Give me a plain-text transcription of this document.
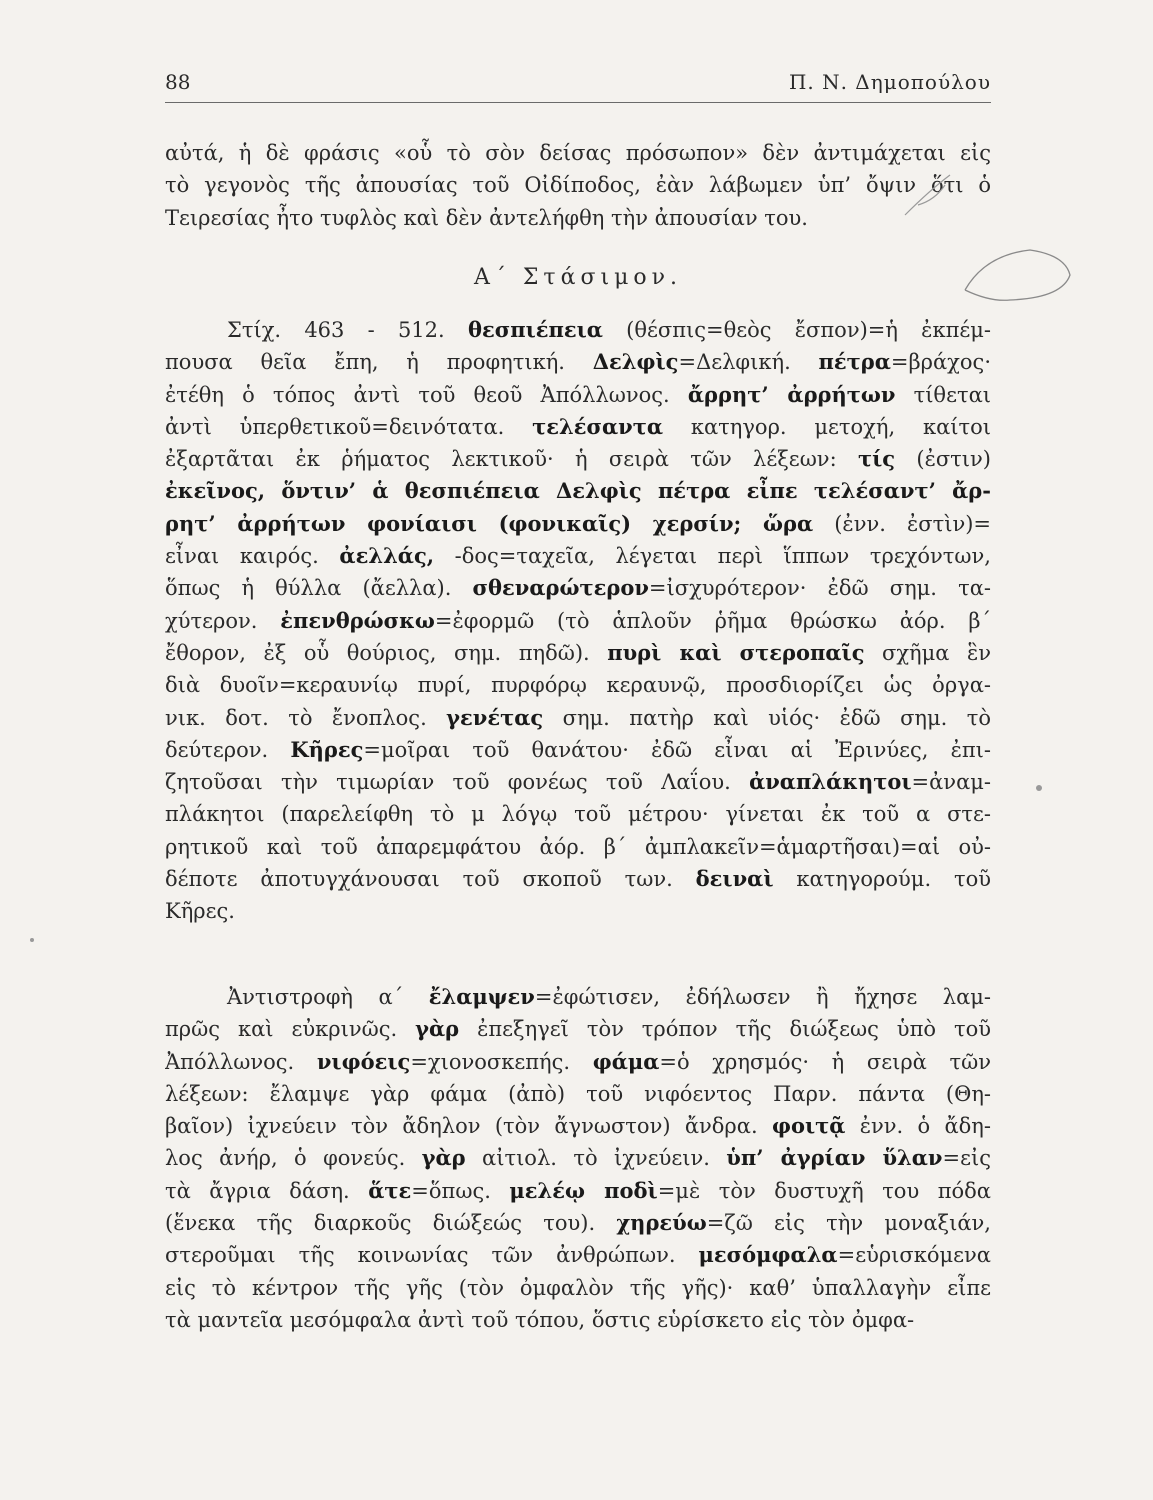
88	Π. Ν. Δημοπούλου
αὐτά, ἡ δὲ φράσις «οὗ τὸ σὸν δείσας πρόσωπον» δὲν ἀντιμάχεται εἰς
τὸ γεγονὸς τῆς ἀπουσίας τοῦ Οἰδίποδος, ἐὰν λάβωμεν ὑπ’ ὄψιν ὅτι ὁ
Τειρεσίας ἦτο τυφλὸς καὶ δὲν ἀντελήφθη τὴν ἀπουσίαν του.
Α΄ Στάσιμον.
Στίχ. 463 - 512. θεσπιέπεια (θέσπις=θεὸς ἔσπον)=ἡ ἐκπέμ-
πουσα θεῖα ἔπη, ἡ προφητική. Δελφὶς=Δελφική. πέτρα=βράχος·
ἐτέθη ὁ τόπος ἀντὶ τοῦ θεοῦ Ἀπόλλωνος. ἄρρητ’ ἀρρήτων τίθεται
ἀντὶ ὑπερθετικοῦ=δεινότατα. τελέσαντα κατηγορ. μετοχή, καίτοι
ἐξαρτᾶται ἐκ ῥήματος λεκτικοῦ· ἡ σειρὰ τῶν λέξεων: τίς (ἐστιν)
ἐκεῖνος, ὅντιν’ ἁ θεσπιέπεια Δελφὶς πέτρα εἶπε τελέσαντ’ ἄρ-
ρητ’ ἀρρήτων φονίαισι (φονικαῖς) χερσίν; ὥρα (ἐνν. ἐστὶν)=
εἶναι καιρός. ἀελλάς, -δος=ταχεῖα, λέγεται περὶ ἵππων τρεχόντων,
ὅπως ἡ θύλλα (ἄελλα). σθεναρώτερον=ἰσχυρότερον· ἐδῶ σημ. τα-
χύτερον. ἐπενθρώσκω=ἐφορμῶ (τὸ ἁπλοῦν ῥῆμα θρώσκω ἀόρ. β΄
ἔθορον, ἐξ οὗ θούριος, σημ. πηδῶ). πυρὶ καὶ στεροπαῖς σχῆμα ἓν
διὰ δυοῖν=κεραυνίῳ πυρί, πυρφόρῳ κεραυνῷ, προσδιορίζει ὡς ὀργα-
νικ. δοτ. τὸ ἔνοπλος. γενέτας σημ. πατὴρ καὶ υἱός· ἐδῶ σημ. τὸ
δεύτερον. Κῆρες=μοῖραι τοῦ θανάτου· ἐδῶ εἶναι αἱ Ἐρινύες, ἐπι-
ζητοῦσαι τὴν τιμωρίαν τοῦ φονέως τοῦ Λαΐου. ἀναπλάκητοι=ἀναμ-
πλάκητοι (παρελείφθη τὸ μ λόγῳ τοῦ μέτρου· γίνεται ἐκ τοῦ α στε-
ρητικοῦ καὶ τοῦ ἀπαρεμφάτου ἀόρ. β΄ ἀμπλακεῖν=ἁμαρτῆσαι)=αἱ οὐ-
δέποτε ἀποτυγχάνουσαι τοῦ σκοποῦ των. δειναὶ κατηγορούμ. τοῦ
Κῆρες.
Ἀντιστροφὴ α΄ ἔλαμψεν=ἐφώτισεν, ἐδήλωσεν ἢ ἤχησε λαμ-
πρῶς καὶ εὐκρινῶς. γὰρ ἐπεξηγεῖ τὸν τρόπον τῆς διώξεως ὑπὸ τοῦ
Ἀπόλλωνος. νιφόεις=χιονοσκεπής. φάμα=ὁ χρησμός· ἡ σειρὰ τῶν
λέξεων: ἔλαμψε γὰρ φάμα (ἀπὸ) τοῦ νιφόεντος Παρν. πάντα (Θη-
βαῖον) ἰχνεύειν τὸν ἄδηλον (τὸν ἄγνωστον) ἄνδρα. φοιτᾷ ἐνν. ὁ ἄδη-
λος ἀνήρ, ὁ φονεύς. γὰρ αἰτιολ. τὸ ἰχνεύειν. ὑπ’ ἀγρίαν ὕλαν=εἰς
τὰ ἄγρια δάση. ἅτε=ὅπως. μελέῳ ποδὶ=μὲ τὸν δυστυχῆ του πόδα
(ἕνεκα τῆς διαρκοῦς διώξεώς του). χηρεύω=ζῶ εἰς τὴν μοναξιάν,
στεροῦμαι τῆς κοινωνίας τῶν ἀνθρώπων. μεσόμφαλα=εὑρισκόμενα
εἰς τὸ κέντρον τῆς γῆς (τὸν ὀμφαλὸν τῆς γῆς)· καθ’ ὑπαλλαγὴν εἶπε
τὰ μαντεῖα μεσόμφαλα ἀντὶ τοῦ τόπου, ὅστις εὑρίσκετο εἰς τὸν ὀμφα-
